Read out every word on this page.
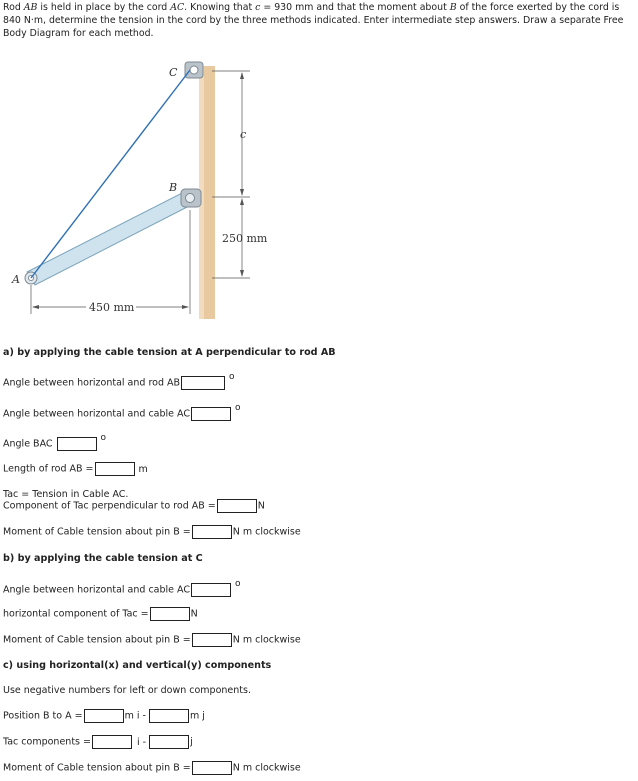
Rod AB is held in place by the cord AC. Knowing that c = 930 mm and that the moment about B of the force exerted by the cord is 840 N·m, determine the tension in the cord by the three methods indicated. Enter intermediate step answers. Draw a separate Free Body Diagram for each method.
C
B
A
c
250 mm
450 mm
a) by applying the cable tension at A perpendicular to rod AB
Angle between horizontal and rod ABo
Angle between horizontal and cable ACo
Angle BACo
Length of rod AB =	m
Tac = Tension in Cable AC.
Component of Tac perpendicular to rod AB =	N
Moment of Cable tension about pin B =	N m clockwise
b) by applying the cable tension at C
Angle between horizontal and cable ACo
horizontal component of Tac =	N
Moment of Cable tension about pin B =	N m clockwise
c) using horizontal(x) and vertical(y) components
Use negative numbers for left or down components.
Position B to A =	m i -	m j
Tac components =	i -	j
Moment of Cable tension about pin B =	N m clockwise
